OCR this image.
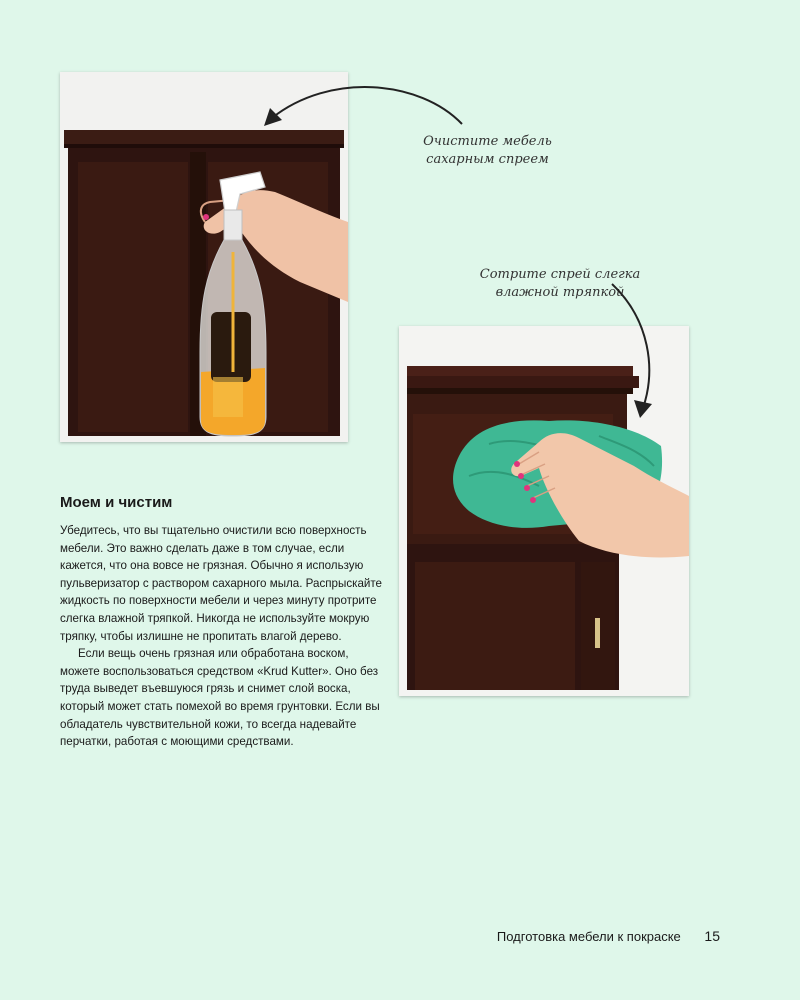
Очистите мебель
сахарным спреем
Сотрите спрей слегка
влажной тряпкой
Моем и чистим

Убедитесь, что вы тщательно очистили всю поверхность мебели. Это важно сделать даже в том случае, если кажется, что она вовсе не грязная. Обычно я использую пульверизатор с раствором сахарного мыла. Распрыскайте жидкость по поверхности мебели и через минуту протрите слегка влажной тряпкой. Никогда не используйте мокрую тряпку, чтобы излишне не пропитать влагой дерево.

Если вещь очень грязная или обработана воском, можете воспользоваться средством «Krud Kutter». Оно без труда выведет въевшуюся грязь и снимет слой воска, который может стать помехой во время грунтовки. Если вы обладатель чувствительной кожи, то всегда надевайте перчатки, работая с моющими средствами.

Подготовка мебели к покраске 15
